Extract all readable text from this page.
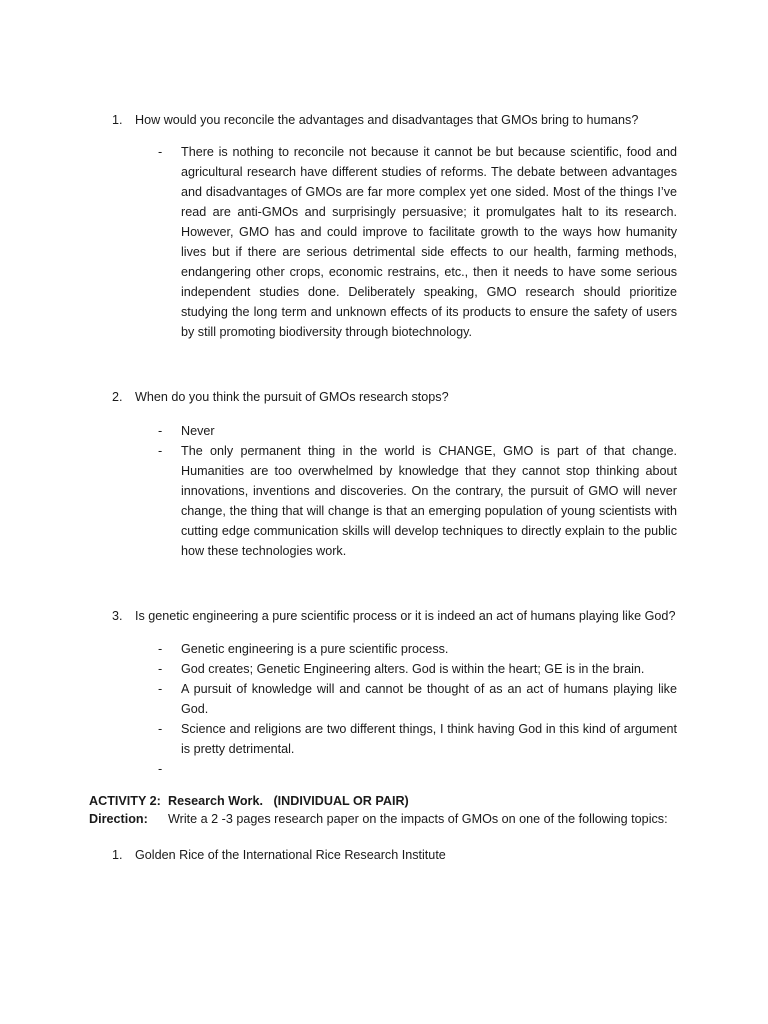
1. How would you reconcile the advantages and disadvantages that GMOs bring to humans?
- There is nothing to reconcile not because it cannot be but because scientific, food and agricultural research have different studies of reforms. The debate between advantages and disadvantages of GMOs are far more complex yet one sided. Most of the things I’ve read are anti-GMOs and surprisingly persuasive; it promulgates halt to its research. However, GMO has and could improve to facilitate growth to the ways how humanity lives but if there are serious detrimental side effects to our health, farming methods, endangering other crops, economic restrains, etc., then it needs to have some serious independent studies done. Deliberately speaking, GMO research should prioritize studying the long term and unknown effects of its products to ensure the safety of users by still promoting biodiversity through biotechnology.
2. When do you think the pursuit of GMOs research stops?
- Never
- The only permanent thing in the world is CHANGE, GMO is part of that change. Humanities are too overwhelmed by knowledge that they cannot stop thinking about innovations, inventions and discoveries. On the contrary, the pursuit of GMO will never change, the thing that will change is that an emerging population of young scientists with cutting edge communication skills will develop techniques to directly explain to the public how these technologies work.
3. Is genetic engineering a pure scientific process or it is indeed an act of humans playing like God?
- Genetic engineering is a pure scientific process.
- God creates; Genetic Engineering alters. God is within the heart; GE is in the brain.
- A pursuit of knowledge will and cannot be thought of as an act of humans playing like God.
- Science and religions are two different things, I think having God in this kind of argument is pretty detrimental.
-
ACTIVITY 2: Research Work. (INDIVIDUAL OR PAIR)
Direction: Write a 2 -3 pages research paper on the impacts of GMOs on one of the following topics:
1. Golden Rice of the International Rice Research Institute
